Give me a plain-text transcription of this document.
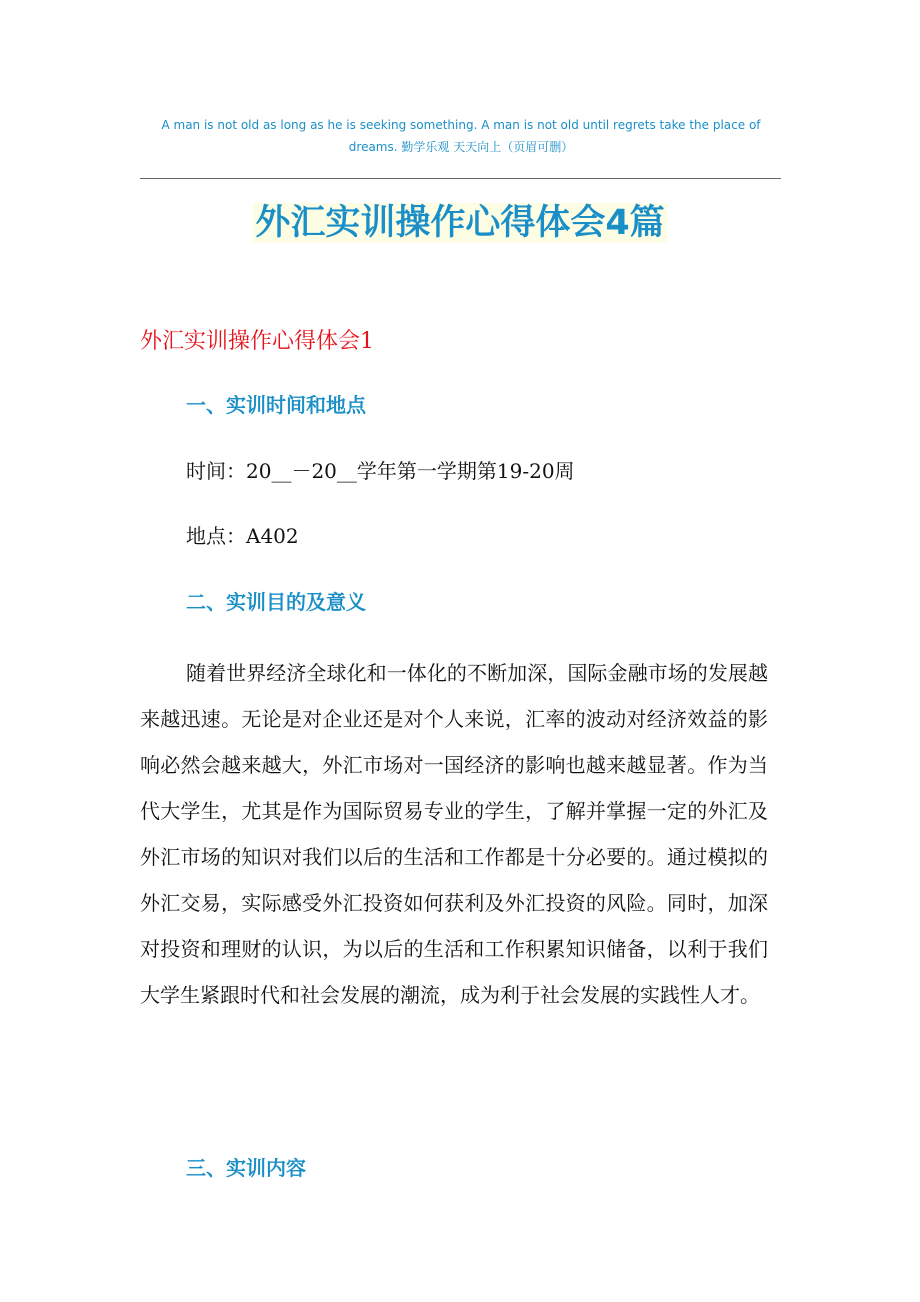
A man is not old as long as he is seeking something. A man is not old until regrets take the place of dreams. 勤学乐观 天天向上（页眉可删）
外汇实训操作心得体会4篇
外汇实训操作心得体会1
一、实训时间和地点
时间：20__－20__学年第一学期第19-20周
地点：A402
二、实训目的及意义
随着世界经济全球化和一体化的不断加深，国际金融市场的发展越来越迅速。无论是对企业还是对个人来说，汇率的波动对经济效益的影响必然会越来越大，外汇市场对一国经济的影响也越来越显著。作为当代大学生，尤其是作为国际贸易专业的学生，了解并掌握一定的外汇及外汇市场的知识对我们以后的生活和工作都是十分必要的。通过模拟的外汇交易，实际感受外汇投资如何获利及外汇投资的风险。同时，加深对投资和理财的认识，为以后的生活和工作积累知识储备，以利于我们大学生紧跟时代和社会发展的潮流，成为利于社会发展的实践性人才。
三、实训内容
